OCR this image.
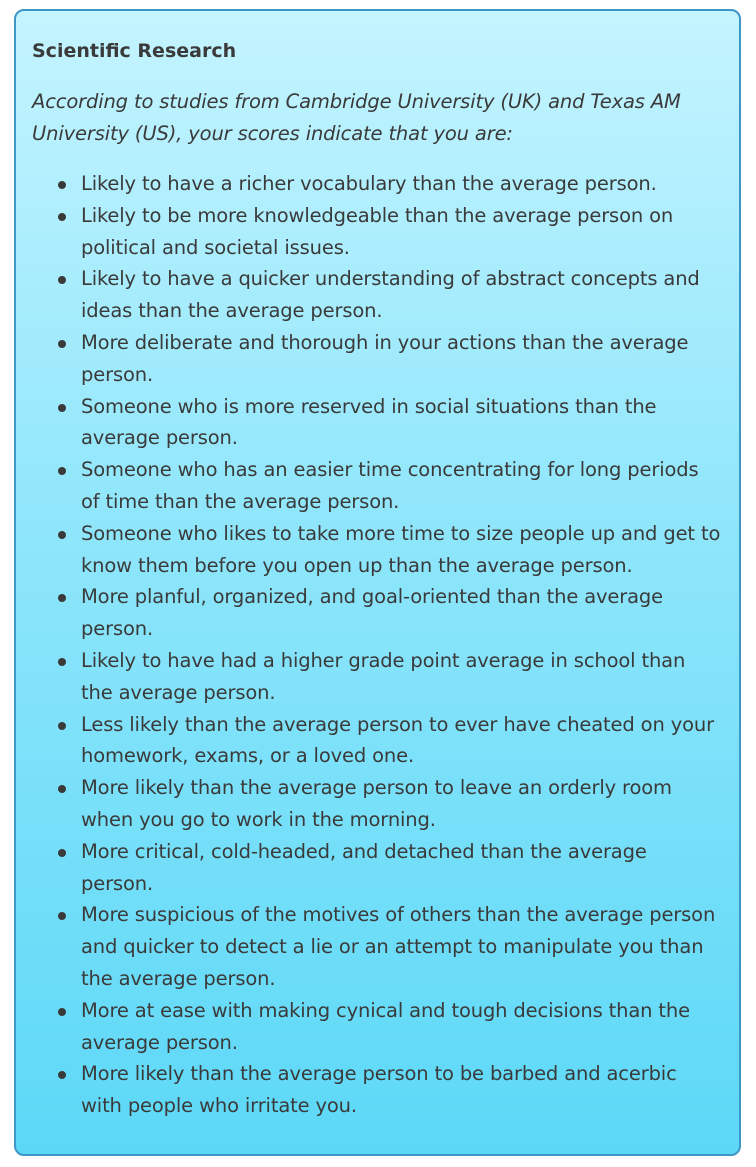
Scientific Research

According to studies from Cambridge University (UK) and Texas AM University (US), your scores indicate that you are:

Likely to have a richer vocabulary than the average person.
Likely to be more knowledgeable than the average person on political and societal issues.
Likely to have a quicker understanding of abstract concepts and ideas than the average person.
More deliberate and thorough in your actions than the average person.
Someone who is more reserved in social situations than the average person.
Someone who has an easier time concentrating for long periods of time than the average person.
Someone who likes to take more time to size people up and get to know them before you open up than the average person.
More planful, organized, and goal-oriented than the average person.
Likely to have had a higher grade point average in school than the average person.
Less likely than the average person to ever have cheated on your homework, exams, or a loved one.
More likely than the average person to leave an orderly room when you go to work in the morning.
More critical, cold-headed, and detached than the average person.
More suspicious of the motives of others than the average person and quicker to detect a lie or an attempt to manipulate you than the average person.
More at ease with making cynical and tough decisions than the average person.
More likely than the average person to be barbed and acerbic with people who irritate you.
